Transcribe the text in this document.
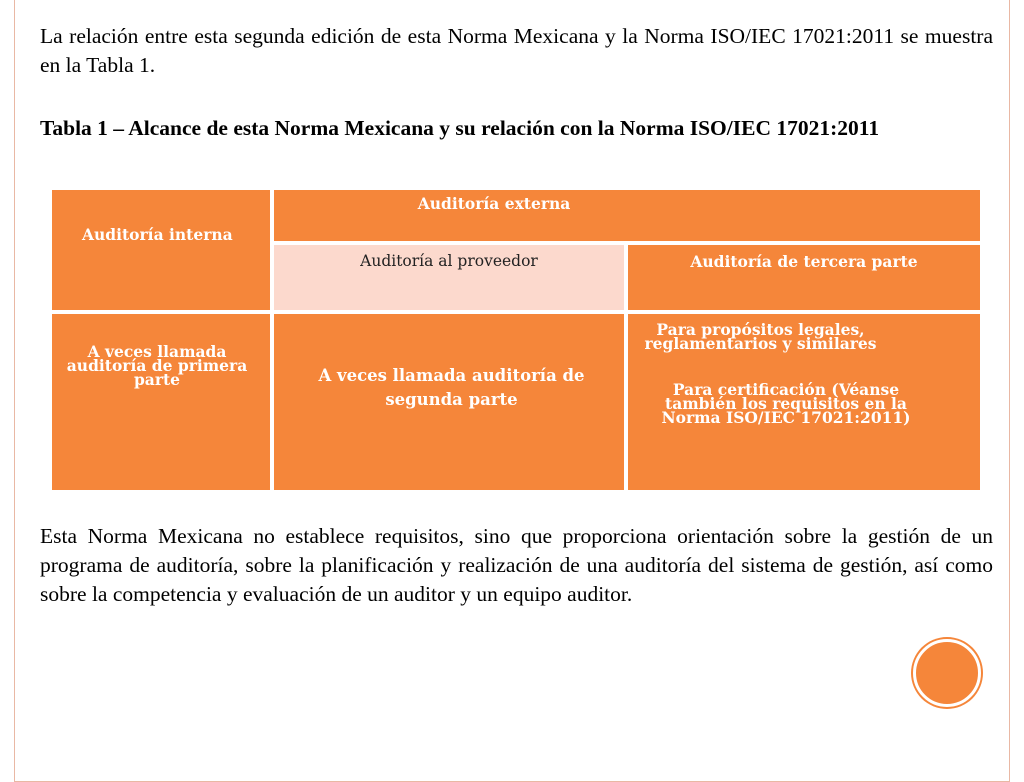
La relación entre esta segunda edición de esta Norma Mexicana y la Norma ISO/IEC 17021:2011 se muestra en la Tabla 1.
Tabla 1 – Alcance de esta Norma Mexicana y su relación con la Norma ISO/IEC 17021:2011
Auditoría interna
Auditoría externa
Auditoría al proveedor	Auditoría de tercera parte
A veces llamada auditoría de primera parte	A veces llamada auditoría de segunda parte
Para propósitos legales, reglamentarios y similares
Para certificación (Véanse también los requisitos en la Norma ISO/IEC 17021:2011)
Esta Norma Mexicana no establece requisitos, sino que proporciona orientación sobre la gestión de un programa de auditoría, sobre la planificación y realización de una auditoría del sistema de gestión, así como sobre la competencia y evaluación de un auditor y un equipo auditor.
